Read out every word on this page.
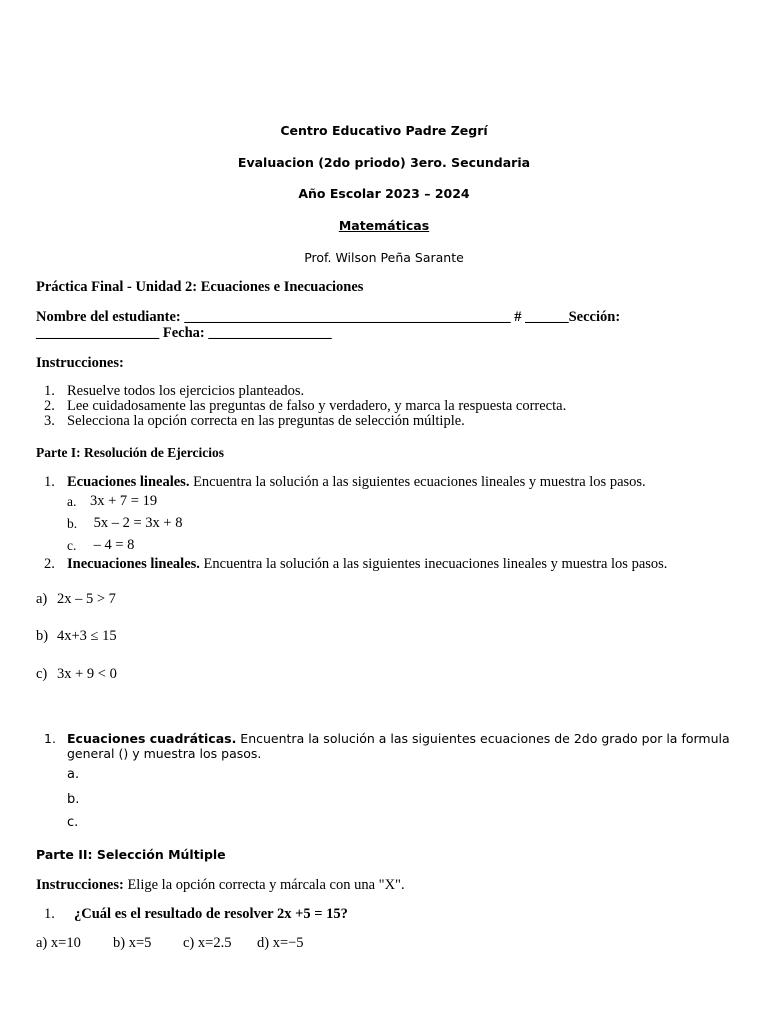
Centro Educativo Padre Zegrí
Evaluacion (2do priodo) 3ero. Secundaria
Año Escolar 2023 – 2024
Matemáticas
Prof. Wilson Peña Sarante
Práctica Final - Unidad 2: Ecuaciones e Inecuaciones
Nombre del estudiante: _____________________________________________ # ______Sección:
_________________ Fecha: _________________
Instrucciones:
1. Resuelve todos los ejercicios planteados.
2. Lee cuidadosamente las preguntas de falso y verdadero, y marca la respuesta correcta.
3. Selecciona la opción correcta en las preguntas de selección múltiple.
Parte I: Resolución de Ejercicios
1. Ecuaciones lineales. Encuentra la solución a las siguientes ecuaciones lineales y muestra los pasos.
a. 3x + 7 = 19
b. 5x – 2 = 3x + 8
c. – 4 = 8
2. Inecuaciones lineales. Encuentra la solución a las siguientes inecuaciones lineales y muestra los pasos.
a) 2x – 5 > 7
b) 4x+3 ≤ 15
c) 3x + 9 < 0
1. Ecuaciones cuadráticas. Encuentra la solución a las siguientes ecuaciones de 2do grado por la formula
general () y muestra los pasos.
a.
b.
c.
Parte II: Selección Múltiple
Instrucciones: Elige la opción correcta y márcala con una "X".
1. ¿Cuál es el resultado de resolver 2x +5 = 15?
a) x=10 b) x=5 c) x=2.5 d) x=−5
